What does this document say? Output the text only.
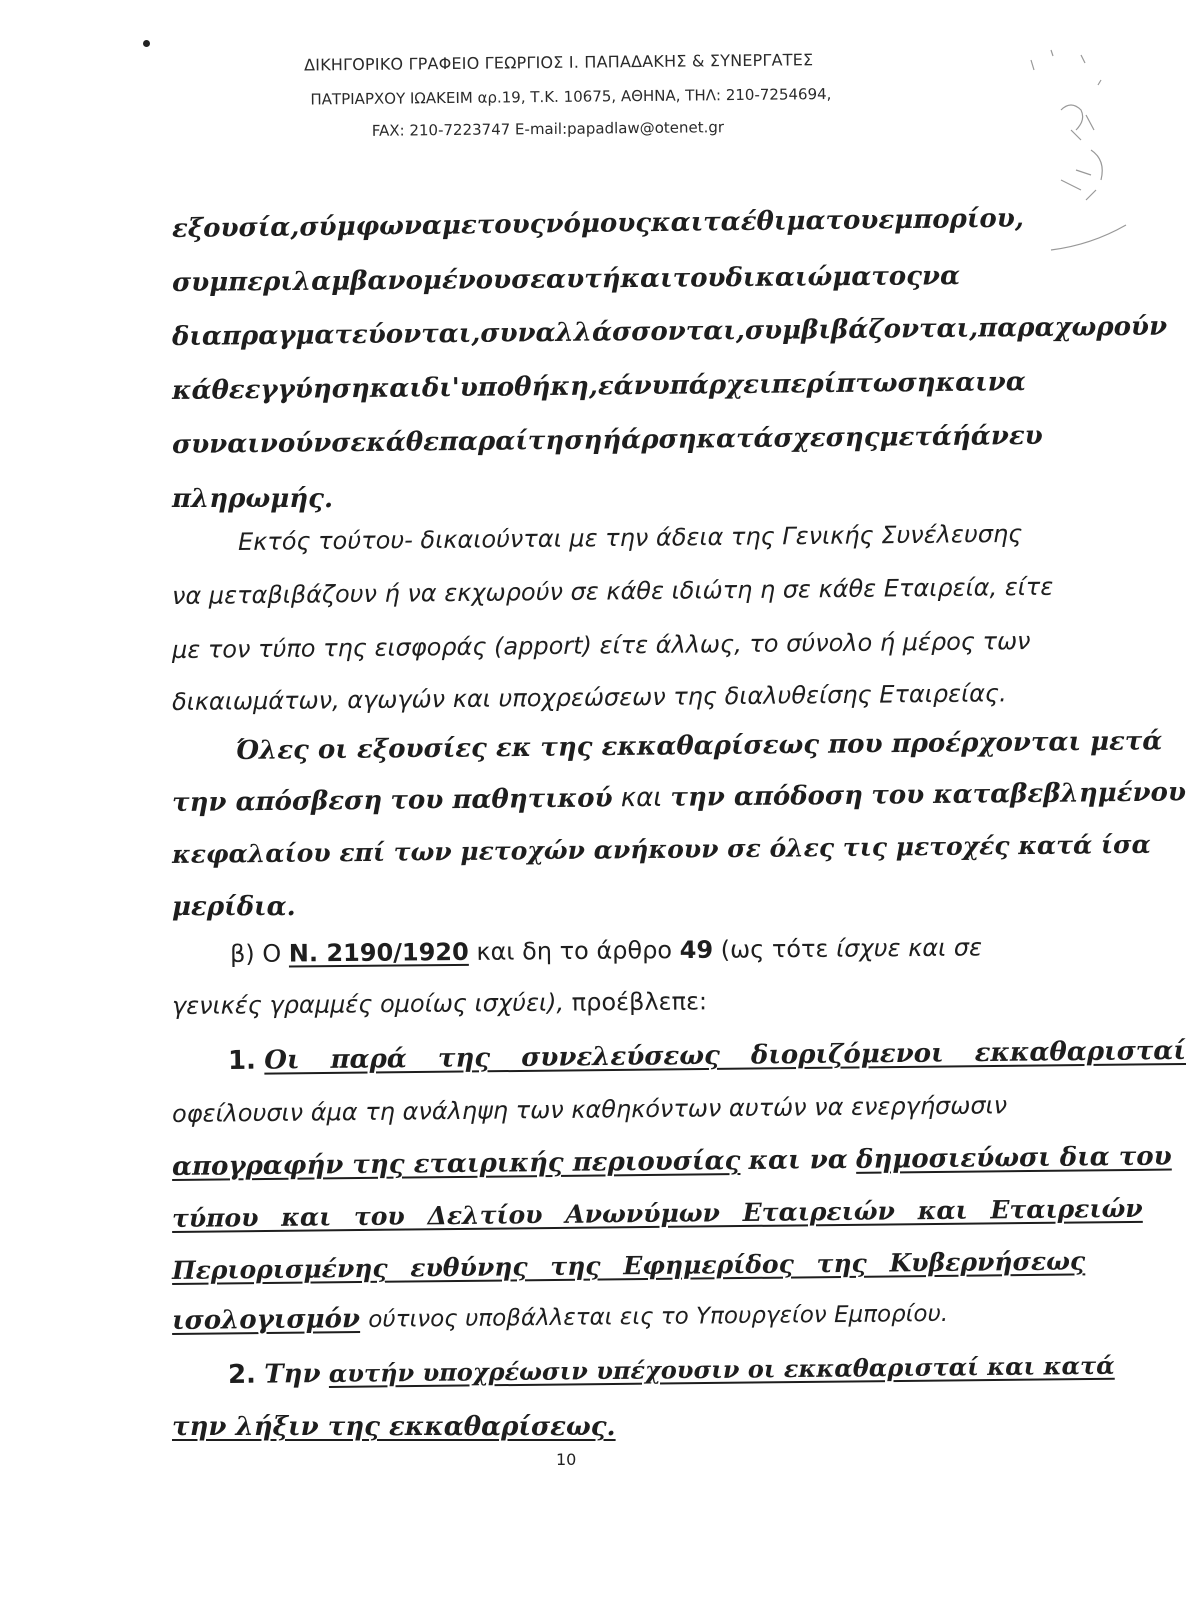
ΔΙΚΗΓΟΡΙΚΟ ΓΡΑΦΕΙΟ ΓΕΩΡΓΙΟΣ Ι. ΠΑΠΑΔΑΚΗΣ & ΣΥΝΕΡΓΑΤΕΣ
ΠΑΤΡΙΑΡΧΟΥ ΙΩΑΚΕΙΜ αρ.19, Τ.Κ. 10675, ΑΘΗΝΑ, ΤΗΛ: 210-7254694,
FAX: 210-7223747 E-mail:papadlaw@otenet.gr
εξουσία, σύμφωνα με τους νόμους και τα έθιμα του εμπορίου,
συμπεριλαμβανομένου σε αυτή και του δικαιώματος να
διαπραγματεύονται, συναλλάσσονται, συμβιβάζονται, παραχωρούν
κάθε εγγύηση και δι' υποθήκη, εάν υπάρχει περίπτωση και να
συναινούν σε κάθε παραίτηση ή άρση κατάσχεσης μετά ή άνευ
πληρωμής.
Εκτός τούτου- δικαιούνται με την άδεια της Γενικής Συνέλευσης
να μεταβιβάζουν ή να εκχωρούν σε κάθε ιδιώτη η σε κάθε Εταιρεία, είτε
με τον τύπο της εισφοράς (apport) είτε άλλως, το σύνολο ή μέρος των
δικαιωμάτων, αγωγών και υποχρεώσεων της διαλυθείσης Εταιρείας.
Όλες οι εξουσίες εκ της εκκαθαρίσεως που προέρχονται μετά
την απόσβεση του παθητικού και την απόδοση του καταβεβλημένου
κεφαλαίου επί των μετοχών ανήκουν σε όλες τις μετοχές κατά ίσα
μερίδια.
β) Ο Ν. 2190/1920 και δη το άρθρο 49 (ως τότε ίσχυε και σε
γενικές γραμμές ομοίως ισχύει), προέβλεπε:
1. Οι παρά της συνελεύσεως διοριζόμενοι εκκαθαρισταί
οφείλουσιν άμα τη ανάληψη των καθηκόντων αυτών να ενεργήσωσιν
απογραφήν της εταιρικής περιουσίας και να δημοσιεύωσι δια του
τύπου και του Δελτίου Ανωνύμων Εταιρειών και Εταιρειών
Περιορισμένης ευθύνης της Εφημερίδος της Κυβερνήσεως
ισολογισμόν ούτινος υποβάλλεται εις το Υπουργείον Εμπορίου.
2. Την αυτήν υποχρέωσιν υπέχουσιν οι εκκαθαρισταί και κατά
την λήξιν της εκκαθαρίσεως.
10
